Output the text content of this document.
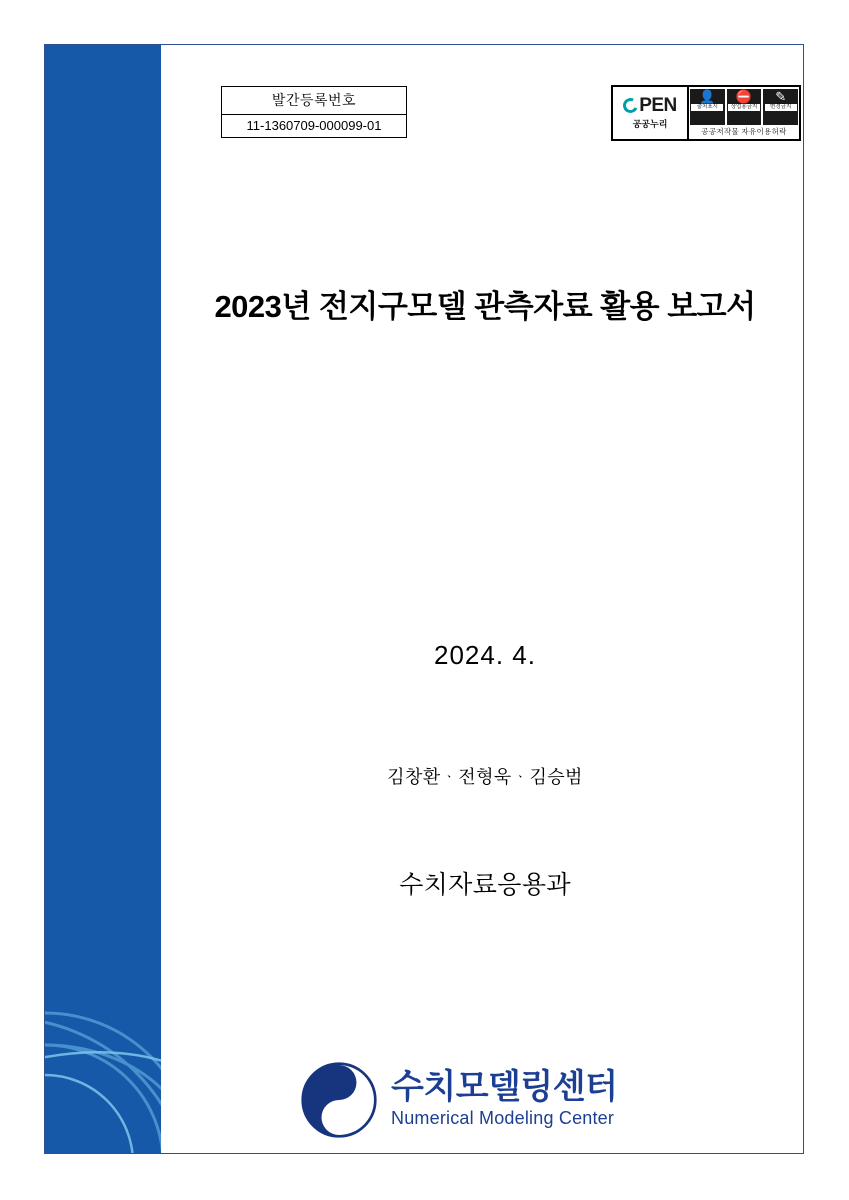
발간등록번호
11-1360709-000099-01
PEN
공공누리
👤
출처표시
⛔
상업용금지
✎
변경금지
공공저작물 자유이용허락
2023년 전지구모델 관측자료 활용 보고서
2024. 4.
김창환ᆞ전형욱ᆞ김승범
수치자료응용과
수치모델링센터
Numerical Modeling Center
